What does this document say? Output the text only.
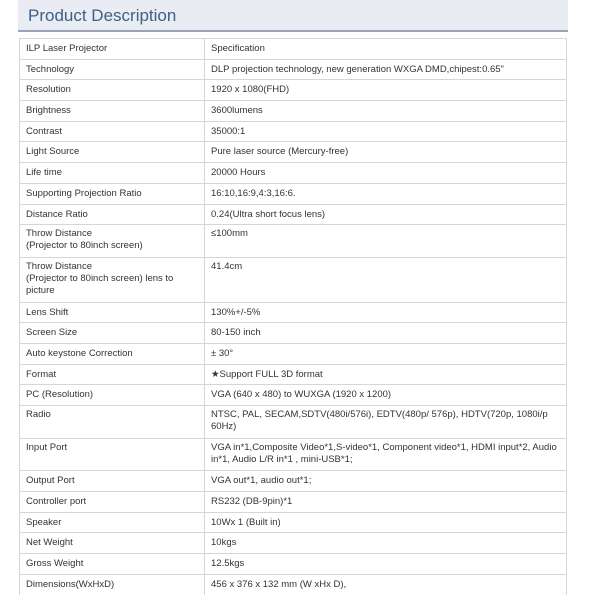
Product Description
ILP Laser Projector	Specification
Technology	DLP projection technology, new generation WXGA DMD,chipest:0.65"
Resolution	1920 x 1080(FHD)
Brightness	3600lumens
Contrast	35000:1
Light Source	Pure laser source (Mercury-free)
Life time	20000 Hours
Supporting Projection Ratio	16:10,16:9,4:3,16:6.
Distance Ratio	0.24(Ultra short focus lens)
Throw Distance
(Projector to 80inch screen)	≤100mm
Throw Distance
(Projector to 80inch screen) lens to picture	41.4cm
Lens Shift	130%+/-5%
Screen Size	80-150 inch
Auto keystone Correction	± 30°
Format	★Support FULL 3D format
PC (Resolution)	VGA (640 x 480) to WUXGA (1920 x 1200)
Radio	NTSC, PAL, SECAM,SDTV(480i/576i), EDTV(480p/ 576p), HDTV(720p, 1080i/p 60Hz)
Input Port	VGA in*1,Composite Video*1,S-video*1, Component video*1, HDMI input*2, Audio in*1, Audio L/R in*1 , mini-USB*1;
Output Port	VGA out*1, audio out*1;
Controller port	RS232 (DB-9pin)*1
Speaker	10Wx 1 (Built in)
Net Weight	10kgs
Gross Weight	12.5kgs
Dimensions(WxHxD)	456 x 376 x 132 mm (W xHx D),
